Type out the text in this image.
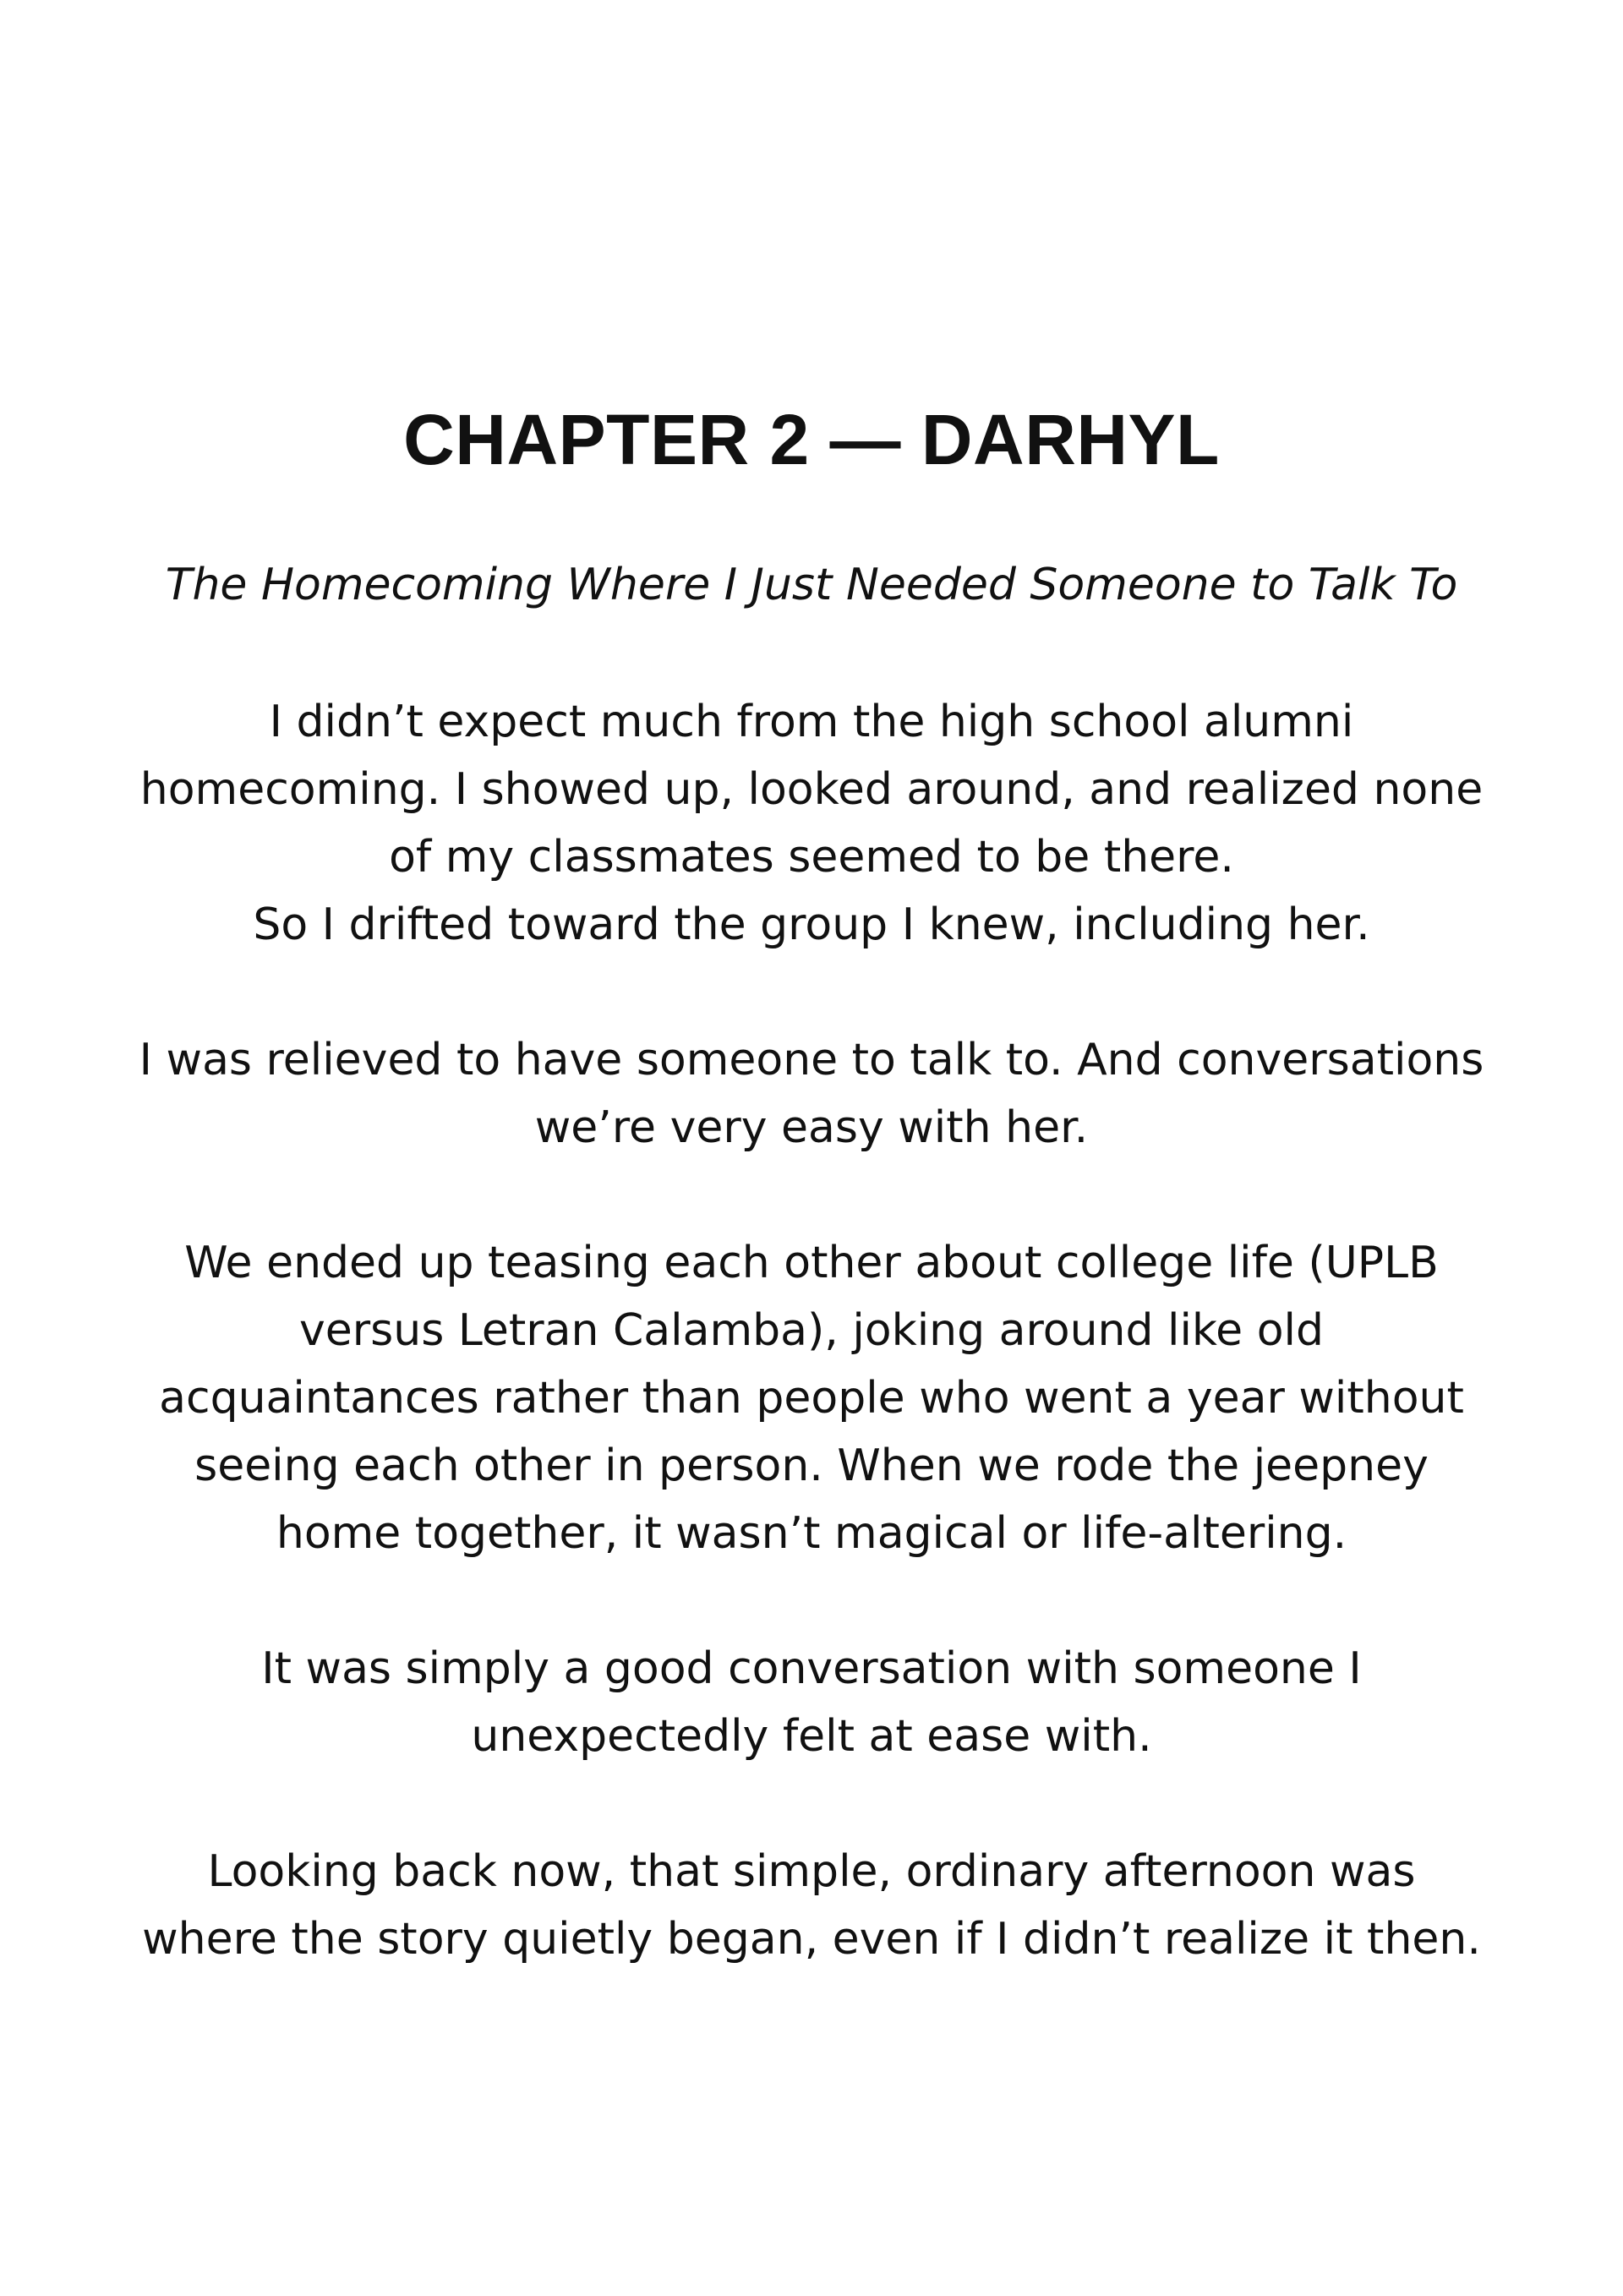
CHAPTER 2 — DARHYL
The Homecoming Where I Just Needed Someone to Talk To

I didn’t expect much from the high school alumni
homecoming. I showed up, looked around, and realized none
of my classmates seemed to be there.
So I drifted toward the group I knew, including her.

I was relieved to have someone to talk to. And conversations
we’re very easy with her.

We ended up teasing each other about college life (UPLB
versus Letran Calamba), joking around like old
acquaintances rather than people who went a year without
seeing each other in person. When we rode the jeepney
home together, it wasn’t magical or life-altering.

It was simply a good conversation with someone I
unexpectedly felt at ease with.

Looking back now, that simple, ordinary afternoon was
where the story quietly began, even if I didn’t realize it then.
